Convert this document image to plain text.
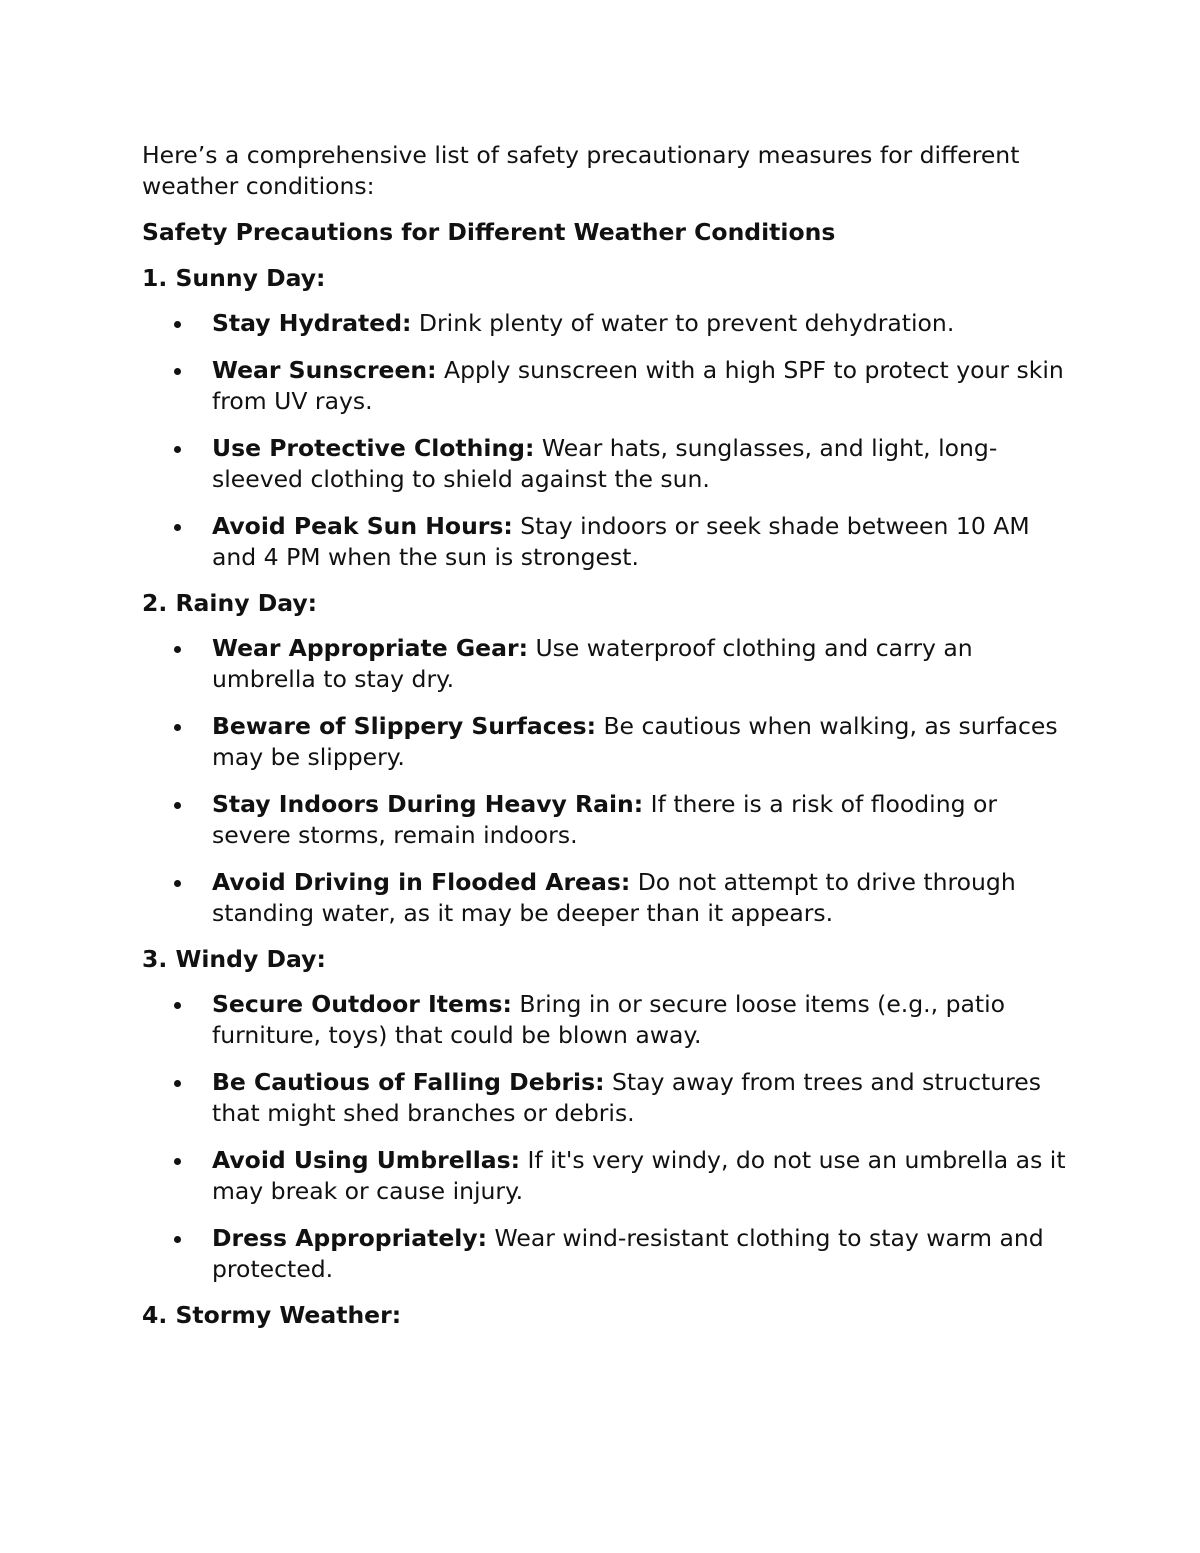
Here’s a comprehensive list of safety precautionary measures for different weather conditions:

Safety Precautions for Different Weather Conditions

1. Sunny Day:

Stay Hydrated: Drink plenty of water to prevent dehydration.
Wear Sunscreen: Apply sunscreen with a high SPF to protect your skin from UV rays.
Use Protective Clothing: Wear hats, sunglasses, and light, long-sleeved clothing to shield against the sun.
Avoid Peak Sun Hours: Stay indoors or seek shade between 10 AM and 4 PM when the sun is strongest.

2. Rainy Day:

Wear Appropriate Gear: Use waterproof clothing and carry an umbrella to stay dry.
Beware of Slippery Surfaces: Be cautious when walking, as surfaces may be slippery.
Stay Indoors During Heavy Rain: If there is a risk of flooding or severe storms, remain indoors.
Avoid Driving in Flooded Areas: Do not attempt to drive through standing water, as it may be deeper than it appears.

3. Windy Day:

Secure Outdoor Items: Bring in or secure loose items (e.g., patio furniture, toys) that could be blown away.
Be Cautious of Falling Debris: Stay away from trees and structures that might shed branches or debris.
Avoid Using Umbrellas: If it's very windy, do not use an umbrella as it may break or cause injury.
Dress Appropriately: Wear wind-resistant clothing to stay warm and protected.

4. Stormy Weather:
